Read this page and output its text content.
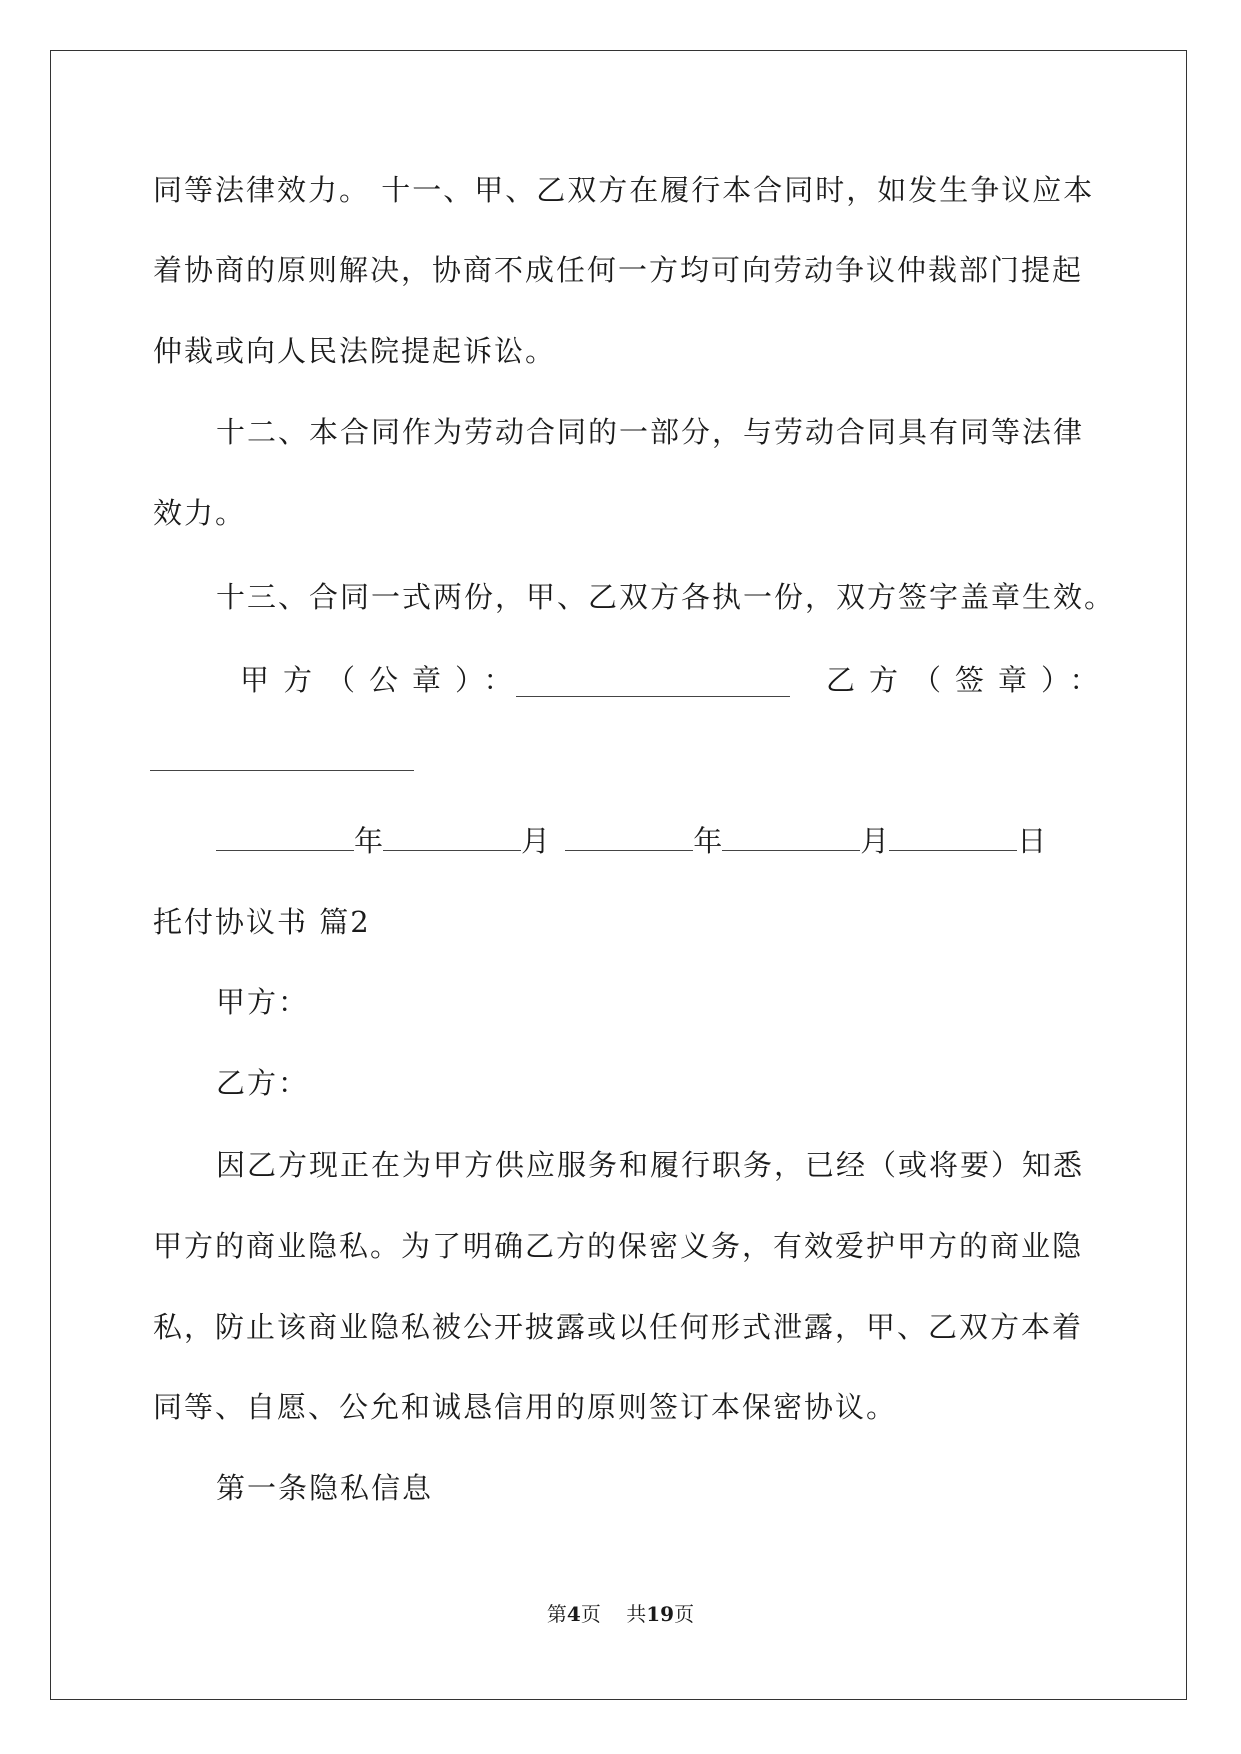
同等法律效力。 十一、甲、乙双方在履行本合同时，如发生争议应本
着协商的原则解决，协商不成任何一方均可向劳动争议仲裁部门提起
仲裁或向人民法院提起诉讼。
十二、本合同作为劳动合同的一部分，与劳动合同具有同等法律
效力。
十三、合同一式两份，甲、乙双方各执一份，双方签字盖章生效。
甲方（公章）：	乙方（签章）：
年	月	年	月	日
托付协议书 篇2
甲方：
乙方：
因乙方现正在为甲方供应服务和履行职务，已经（或将要）知悉
甲方的商业隐私。为了明确乙方的保密义务，有效爱护甲方的商业隐
私，防止该商业隐私被公开披露或以任何形式泄露，甲、乙双方本着
同等、自愿、公允和诚恳信用的原则签订本保密协议。
第一条隐私信息
第4页 共19页
